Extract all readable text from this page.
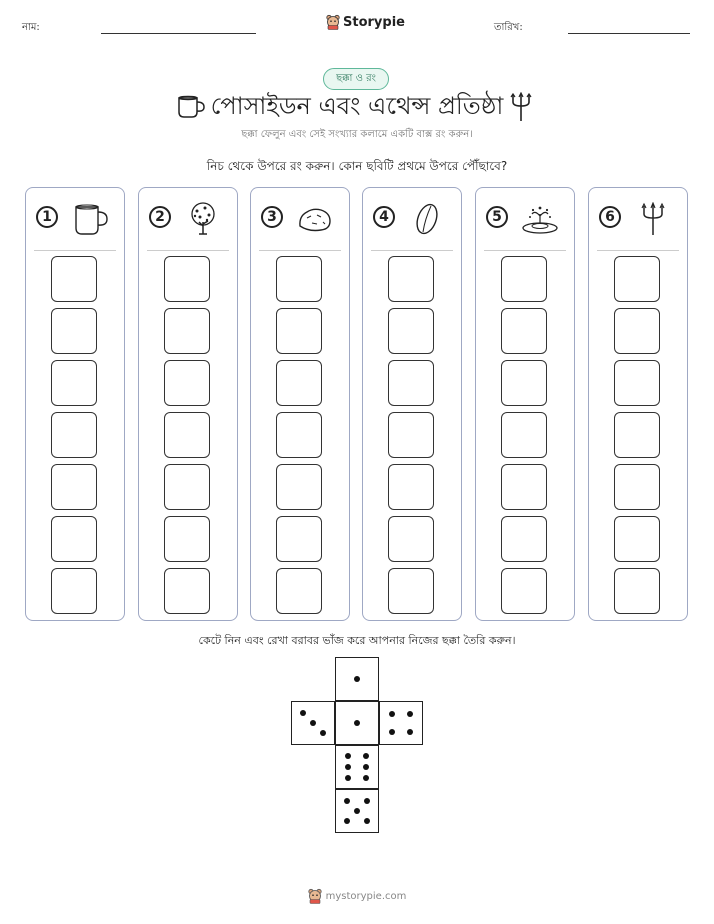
নাম:	Storypie	তারিখ:
ছক্কা ও রং
পোসাইডন এবং এথেন্স প্রতিষ্ঠা
ছক্কা ফেলুন এবং সেই সংখ্যার কলামে একটি বাক্স রং করুন।
নিচ থেকে উপরে রং করুন। কোন ছবিটি প্রথমে উপরে পৌঁছাবে?
1	2	3	4	5	6
কেটে নিন এবং রেখা বরাবর ভাঁজ করে আপনার নিজের ছক্কা তৈরি করুন।
mystorypie.com
